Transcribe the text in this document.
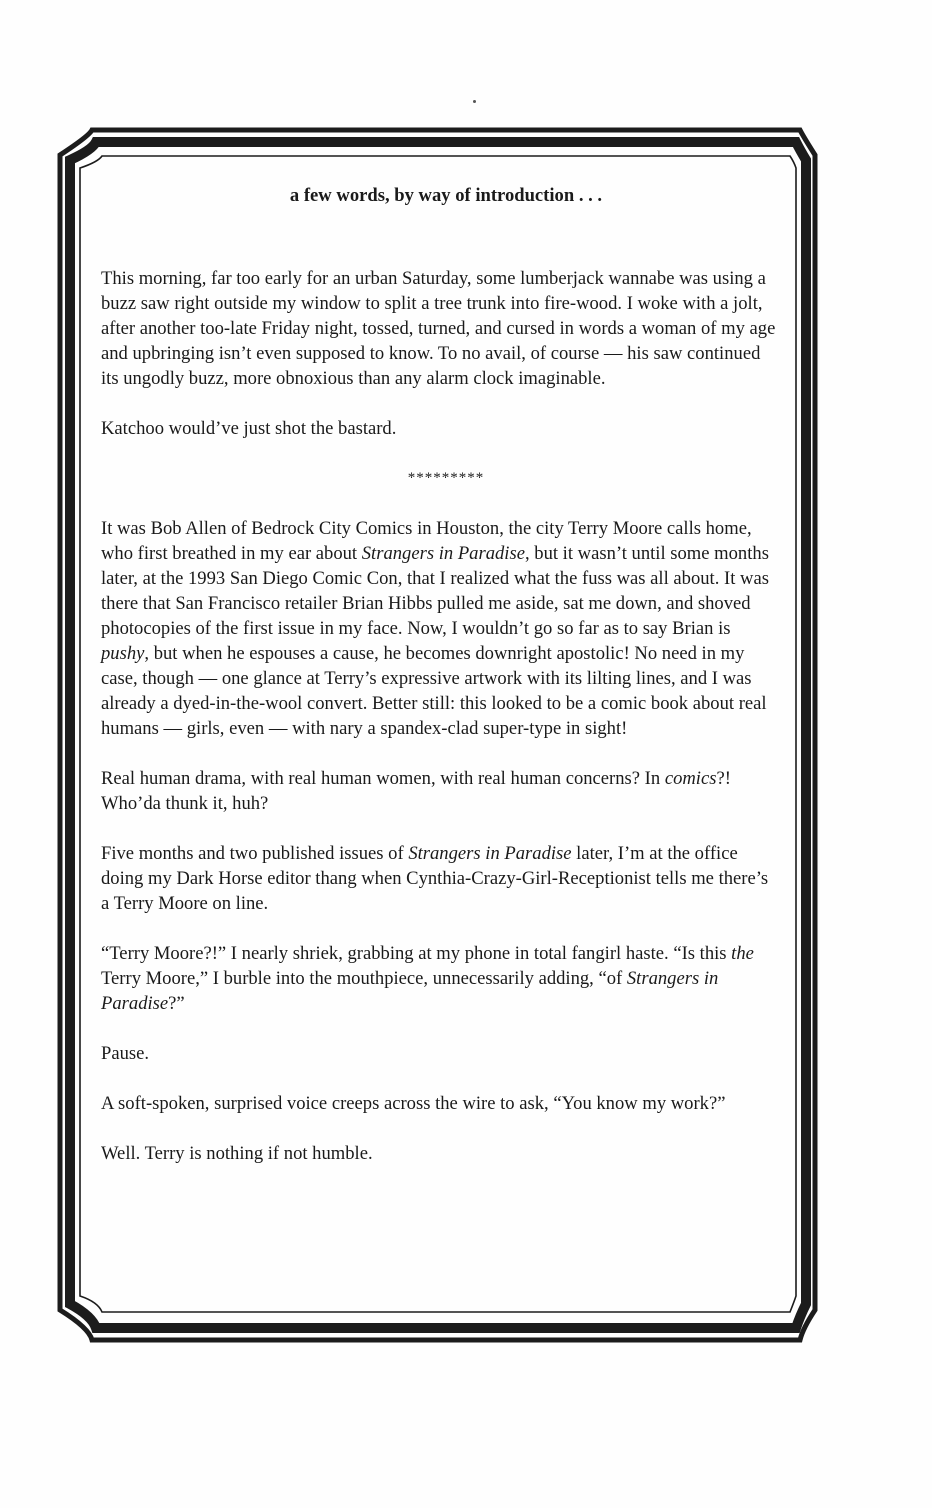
a few words, by way of introduction . . .

This morning, far too early for an urban Saturday, some lumberjack wannabe was using a buzz saw right outside my window to split a tree trunk into fire-wood. I woke with a jolt, after another too-late Friday night, tossed, turned, and cursed in words a woman of my age and upbringing isn’t even supposed to know. To no avail, of course — his saw continued its ungodly buzz, more obnoxious than any alarm clock imaginable.

Katchoo would’ve just shot the bastard.

*********

It was Bob Allen of Bedrock City Comics in Houston, the city Terry Moore calls home, who first breathed in my ear about Strangers in Paradise, but it wasn’t until some months later, at the 1993 San Diego Comic Con, that I realized what the fuss was all about. It was there that San Francisco retailer Brian Hibbs pulled me aside, sat me down, and shoved photocopies of the first issue in my face. Now, I wouldn’t go so far as to say Brian is pushy, but when he espouses a cause, he becomes downright apostolic! No need in my case, though — one glance at Terry’s expressive artwork with its lilting lines, and I was already a dyed-in-the-wool convert. Better still: this looked to be a comic book about real humans — girls, even — with nary a spandex-clad super-type in sight!

Real human drama, with real human women, with real human concerns? In comics?! Who’da thunk it, huh?

Five months and two published issues of Strangers in Paradise later, I’m at the office doing my Dark Horse editor thang when Cynthia-Crazy-Girl-Receptionist tells me there’s a Terry Moore on line.

“Terry Moore?!” I nearly shriek, grabbing at my phone in total fangirl haste. “Is this the Terry Moore,” I burble into the mouthpiece, unnecessarily adding, “of Strangers in Paradise?”

Pause.

A soft-spoken, surprised voice creeps across the wire to ask, “You know my work?”

Well. Terry is nothing if not humble.
